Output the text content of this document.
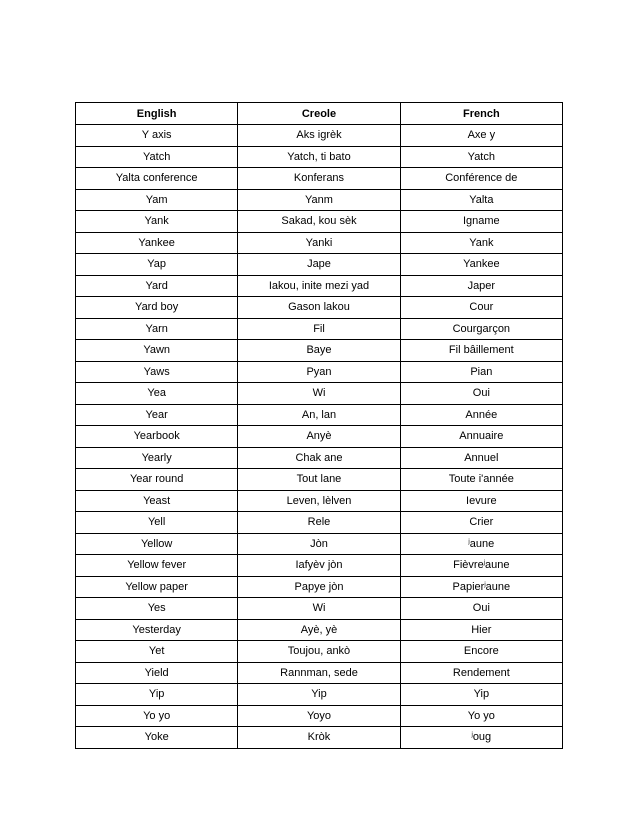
English	Creole	French
Y axis	Aks igrèk	Axe y
Yatch	Yatch, ti bato	Yatch
Yalta conference	Konferans	Conférence de
Yam	Yanm	Yalta
Yank	Sakad, kou sèk	Igname
Yankee	Yanki	Yank
Yap	Jape	Yankee
Yard	Iakou, inite mezi yad	Japer
Yard boy	Gason lakou	Cour
Yarn	Fil	Courgarçon
Yawn	Baye	Fil bâillement
Yaws	Pyan	Pian
Yea	Wi	Oui
Year	An, lan	Année
Yearbook	Anyè	Annuaire
Yearly	Chak ane	Annuel
Year round	Tout lane	Toute i'année
Yeast	Leven, lèlven	Ievure
Yell	Rele	Crier
Yellow	Jòn	$^j$aune
Yellow fever	Iafyèv jòn	Fièvre$^j$aune
Yellow paper	Papye jòn	Papier$^j$aune
Yes	Wi	Oui
Yesterday	Ayè, yè	Hier
Yet	Toujou, ankò	Encore
Yield	Rannman, sede	Rendement
Yip	Yip	Yip
Yo yo	Yoyo	Yo yo
Yoke	Kròk	$^j$oug
